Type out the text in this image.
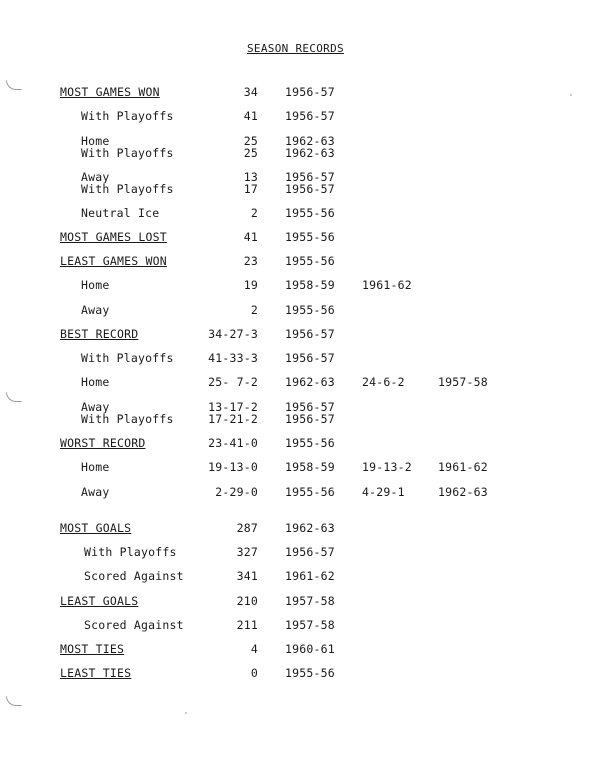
SEASON RECORDS
MOST GAMES WON	34 1956-57
With Playoffs	41 1956-57
Home	25 1962-63
With Playoffs	25 1962-63
Away	13 1956-57
With Playoffs	17 1956-57
Neutral Ice	2 1955-56
MOST GAMES LOST	41 1955-56
LEAST GAMES WON	23 1955-56
Home	19 1958-59 1961-62
Away	2 1955-56
BEST RECORD	34-27-3 1956-57
With Playoffs	41-33-3 1956-57
Home	25- 7-2 1962-63 24-6-2	1957-58
Away	13-17-2 1956-57
With Playoffs	17-21-2 1956-57
WORST RECORD	23-41-0 1955-56
Home	19-13-0 1958-59 19-13-2 1961-62
Away	2-29-0 1955-56 4-29-1	1962-63
MOST GOALS	287 1962-63
With Playoffs	327 1956-57
Scored Against	341 1961-62
LEAST GOALS	210 1957-58
Scored Against	211 1957-58
MOST TIES	4 1960-61
LEAST TIES	0 1955-56
